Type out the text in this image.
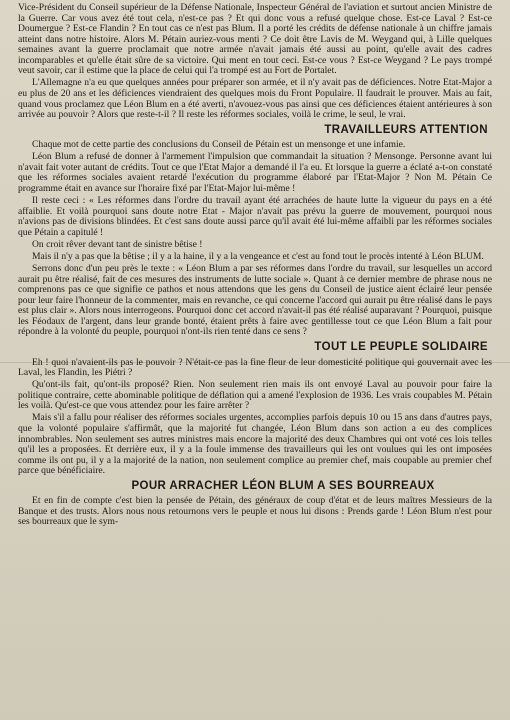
Vice-Président du Conseil supérieur de la Défense Nationale, Inspecteur Général de l'aviation et surtout ancien Ministre de la Guerre. Car vous avez été tout cela, n'est-ce pas ? Et qui donc vous a refusé quelque chose. Est-ce Laval ? Est-ce Doumergue ? Est-ce Flandin ? En tout cas ce n'est pas Blum. Il a porté les crédits de défense nationale à un chiffre jamais atteint dans notre histoire. Alors M. Pétain auriez-vous menti ? Ce doit être Lavis de M. Weygand qui, à Lille quelques semaines avant la guerre proclamait que notre armée n'avait jamais été aussi au point, qu'elle avait des cadres incomparables et qu'elle était sûre de sa victoire. Qui ment en tout ceci. Est-ce vous ? Est-ce Weygand ? Le pays trompé veut savoir, car il estime que la place de celui qui l'a trompé est au Fort de Portalet.

L'Allemagne n'a eu que quelques années pour préparer son armée, et il n'y avait pas de déficiences. Notre Etat-Major a eu plus de 20 ans et les déficiences viendraient des quelques mois du Front Populaire. Il faudrait le prouver. Mais au fait, quand vous proclamez que Léon Blum en a été averti, n'avouez-vous pas ainsi que ces déficiences étaient antérieures à son arrivée au pouvoir ? Alors que reste-t-il ? Il reste les réformes sociales, voilà le crime, le seul, le vrai.

TRAVAILLEURS ATTENTION

Chaque mot de cette partie des conclusions du Conseil de Pétain est un mensonge et une infamie.

Léon Blum a refusé de donner à l'armement l'impulsion que commandait la situation ? Mensonge. Personne avant lui n'avait fait voter autant de crédits. Tout ce que l'Etat Major a demandé il l'a eu. Et lorsque la guerre a éclaté a-t-on constaté que les réformes sociales avaient retardé l'exécution du programme élaboré par l'Etat-Major ? Non M. Pétain Ce programme était en avance sur l'horaire fixé par l'Etat-Major lui-même !

Il reste ceci : « Les réformes dans l'ordre du travail ayant été arrachées de haute lutte la vigueur du pays en a été affaiblie. Et voilà pourquoi sans doute notre Etat - Major n'avait pas prévu la guerre de mouvement, pourquoi nous n'avions pas de divisions blindées. Et c'est sans doute aussi parce qu'il avait été lui-même affaibli par les réformes sociales que Pétain a capitulé !

On croit rêver devant tant de sinistre bêtise !

Mais il n'y a pas que la bêtise ; il y a la haine, il y a la vengeance et c'est au fond tout le procès intenté à Léon BLUM.

Serrons donc d'un peu près le texte : « Léon Blum a par ses réformes dans l'ordre du travail, sur lesquelles un accord aurait pu être réalisé, fait de ces mesures des instruments de lutte sociale ». Quant à ce dernier membre de phrase nous ne comprenons pas ce que signifie ce pathos et nous attendons que les gens du Conseil de justice aient éclairé leur pensée pour leur faire l'honneur de la commenter, mais en revanche, ce qui concerne l'accord qui aurait pu être réalisé dans le pays est plus clair ». Alors nous interrogeons. Pourquoi donc cet accord n'avait-il pas été réalisé auparavant ? Pourquoi, puisque les Féodaux de l'argent, dans leur grande bonté, étaient prêts à faire avec gentillesse tout ce que Léon Blum a fait pour répondre à la volonté du peuple, pourquoi n'ont-ils rien tenté dans ce sens ?

TOUT LE PEUPLE SOLIDAIRE

Eh ! quoi n'avaient-ils pas le pouvoir ? N'était-ce pas la fine fleur de leur domesticité politique qui gouvernait avec les Laval, les Flandin, les Piétri ?

Qu'ont-ils fait, qu'ont-ils proposé? Rien. Non seulement rien mais ils ont envoyé Laval au pouvoir pour faire la politique contraire, cette abominable politique de déflation qui a amené l'explosion de 1936. Les vrais coupables M. Pétain les voilà. Qu'est-ce que vous attendez pour les faire arrêter ?

Mais s'il a fallu pour réaliser des réformes sociales urgentes, accomplies parfois depuis 10 ou 15 ans dans d'autres pays, que la volonté populaire s'affirmât, que la majorité fut changée, Léon Blum dans son action a eu des complices innombrables. Non seulement ses autres ministres mais encore la majorité des deux Chambres qui ont voté ces lois telles qu'il les a proposées. Et derrière eux, il y a la foule immense des travailleurs qui les ont voulues qui les ont imposées comme ils ont pu, il y a la majorité de la nation, non seulement complice au premier chef, mais coupable au premier chef parce que bénéficiaire.

POUR ARRACHER LÉON BLUM A SES BOURREAUX

Et en fin de compte c'est bien la pensée de Pétain, des généraux de coup d'état et de leurs maîtres Messieurs de la Banque et des trusts. Alors nous nous retournons vers le peuple et nous lui disons : Prends garde ! Léon Blum n'est pour ses bourreaux que le sym-
